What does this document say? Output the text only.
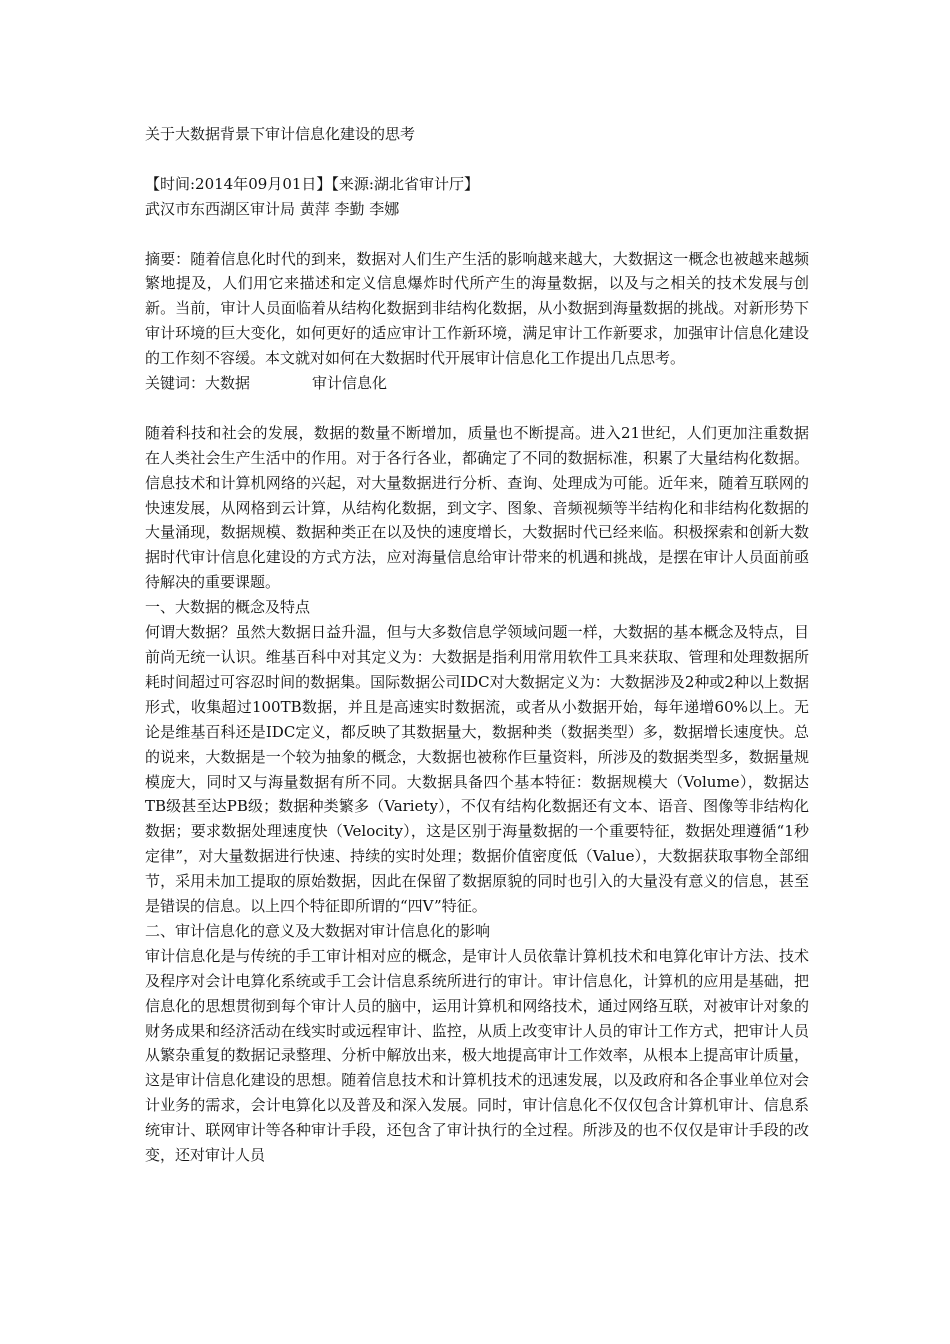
关于大数据背景下审计信息化建设的思考
【时间:2014年09月01日】【来源:湖北省审计厅】
武汉市东西湖区审计局 黄萍 李勤 李娜
摘要：随着信息化时代的到来，数据对人们生产生活的影响越来越大，大数据这一概念也被越来越频繁地提及，人们用它来描述和定义信息爆炸时代所产生的海量数据，以及与之相关的技术发展与创新。当前，审计人员面临着从结构化数据到非结构化数据，从小数据到海量数据的挑战。对新形势下审计环境的巨大变化，如何更好的适应审计工作新环境，满足审计工作新要求，加强审计信息化建设的工作刻不容缓。本文就对如何在大数据时代开展审计信息化工作提出几点思考。
关键词：大数据	审计信息化
随着科技和社会的发展，数据的数量不断增加，质量也不断提高。进入21世纪，人们更加注重数据在人类社会生产生活中的作用。对于各行各业，都确定了不同的数据标准，积累了大量结构化数据。信息技术和计算机网络的兴起，对大量数据进行分析、查询、处理成为可能。近年来，随着互联网的快速发展，从网格到云计算，从结构化数据，到文字、图象、音频视频等半结构化和非结构化数据的大量涌现，数据规模、数据种类正在以及快的速度增长，大数据时代已经来临。积极探索和创新大数据时代审计信息化建设的方式方法，应对海量信息给审计带来的机遇和挑战，是摆在审计人员面前亟待解决的重要课题。
一、大数据的概念及特点
何谓大数据？虽然大数据日益升温，但与大多数信息学领域问题一样，大数据的基本概念及特点，目前尚无统一认识。维基百科中对其定义为：大数据是指利用常用软件工具来获取、管理和处理数据所耗时间超过可容忍时间的数据集。国际数据公司IDC对大数据定义为：大数据涉及2种或2种以上数据形式，收集超过100TB数据，并且是高速实时数据流，或者从小数据开始，每年递增60%以上。无论是维基百科还是IDC定义，都反映了其数据量大，数据种类（数据类型）多，数据增长速度快。总的说来，大数据是一个较为抽象的概念，大数据也被称作巨量资料，所涉及的数据类型多，数据量规模庞大，同时又与海量数据有所不同。大数据具备四个基本特征：数据规模大（Volume），数据达TB级甚至达PB级；数据种类繁多（Variety），不仅有结构化数据还有文本、语音、图像等非结构化数据；要求数据处理速度快（Velocity），这是区别于海量数据的一个重要特征，数据处理遵循“1秒定律”，对大量数据进行快速、持续的实时处理；数据价值密度低（Value），大数据获取事物全部细节，采用未加工提取的原始数据，因此在保留了数据原貌的同时也引入的大量没有意义的信息，甚至是错误的信息。以上四个特征即所谓的“四V”特征。
二、审计信息化的意义及大数据对审计信息化的影响
审计信息化是与传统的手工审计相对应的概念，是审计人员依靠计算机技术和电算化审计方法、技术及程序对会计电算化系统或手工会计信息系统所进行的审计。审计信息化，计算机的应用是基础，把信息化的思想贯彻到每个审计人员的脑中，运用计算机和网络技术，通过网络互联，对被审计对象的财务成果和经济活动在线实时或远程审计、监控，从质上改变审计人员的审计工作方式，把审计人员从繁杂重复的数据记录整理、分析中解放出来，极大地提高审计工作效率，从根本上提高审计质量，这是审计信息化建设的思想。随着信息技术和计算机技术的迅速发展，以及政府和各企事业单位对会计业务的需求，会计电算化以及普及和深入发展。同时，审计信息化不仅仅包含计算机审计、信息系统审计、联网审计等各种审计手段，还包含了审计执行的全过程。所涉及的也不仅仅是审计手段的改变，还对审计人员
